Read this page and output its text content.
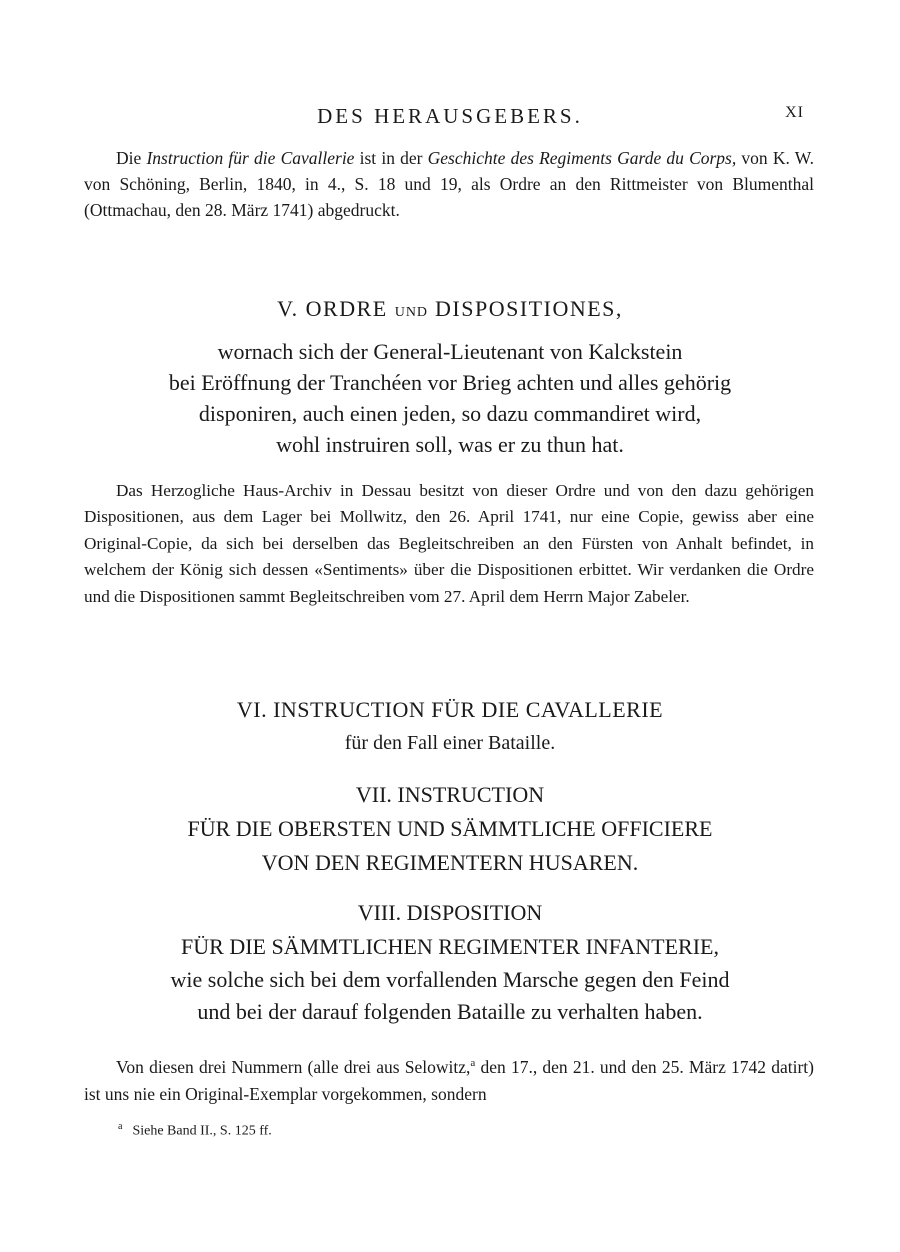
DES HERAUSGEBERS.	XI
Die Instruction für die Cavallerie ist in der Geschichte des Regiments Garde du Corps, von K. W. von Schöning, Berlin, 1840, in 4., S. 18 und 19, als Ordre an den Rittmeister von Blumenthal (Ottmachau, den 28. März 1741) abgedruckt.
V. ORDRE UND DISPOSITIONES,
wornach sich der General-Lieutenant von Kalckstein
bei Eröffnung der Tranchéen vor Brieg achten und alles gehörig
disponiren, auch einen jeden, so dazu commandiret wird,
wohl instruiren soll, was er zu thun hat.
Das Herzogliche Haus-Archiv in Dessau besitzt von dieser Ordre und von den dazu gehörigen Dispositionen, aus dem Lager bei Mollwitz, den 26. April 1741, nur eine Copie, gewiss aber eine Original-Copie, da sich bei derselben das Begleitschreiben an den Fürsten von Anhalt befindet, in welchem der König sich dessen «Sentiments» über die Dispositionen erbittet. Wir verdanken die Ordre und die Dispositionen sammt Begleitschreiben vom 27. April dem Herrn Major Zabeler.
VI. INSTRUCTION FÜR DIE CAVALLERIE
für den Fall einer Bataille.
VII. INSTRUCTION
FÜR DIE OBERSTEN UND SÄMMTLICHE OFFICIERE
VON DEN REGIMENTERN HUSAREN.
VIII. DISPOSITION
FÜR DIE SÄMMTLICHEN REGIMENTER INFANTERIE,
wie solche sich bei dem vorfallenden Marsche gegen den Feind
und bei der darauf folgenden Bataille zu verhalten haben.
Von diesen drei Nummern (alle drei aus Selowitz,$^a$ den 17., den 21. und den 25. März 1742 datirt) ist uns nie ein Original-Exemplar vorgekommen, sondern
$^a$ Siehe Band II., S. 125 ff.
